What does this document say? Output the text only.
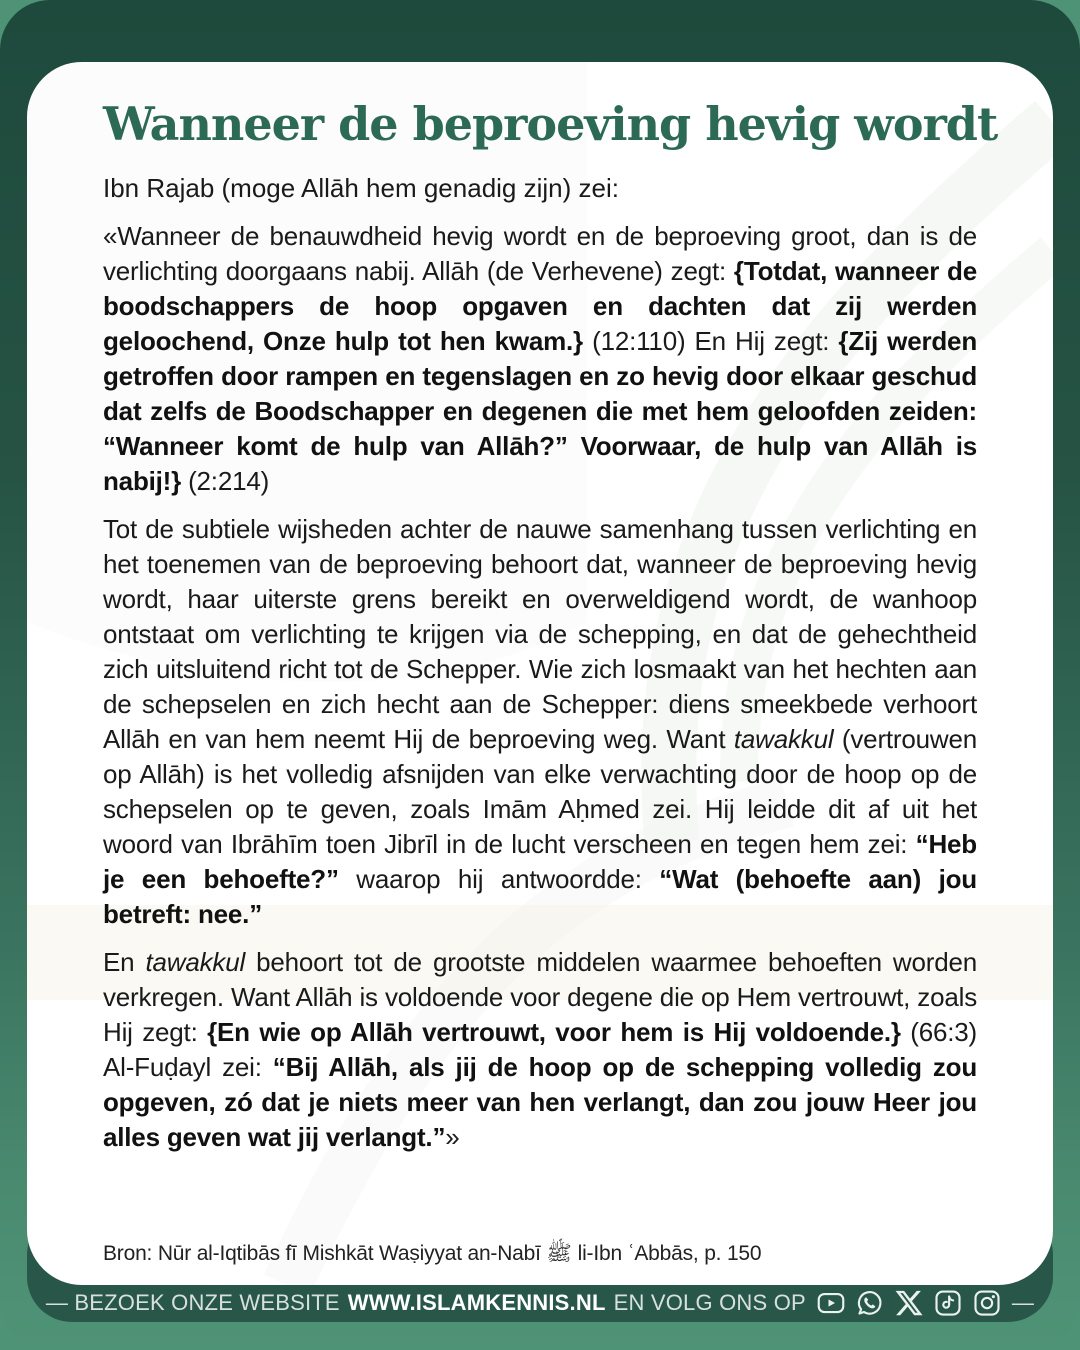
Wanneer de beproeving hevig wordt

Ibn Rajab (moge Allāh hem genadig zijn) zei:

«Wanneer de benauwdheid hevig wordt en de beproeving groot, dan is de verlichting doorgaans nabij. Allāh (de Verhevene) zegt: {Totdat, wanneer de boodschappers de hoop opgaven en dachten dat zij werden geloochend, Onze hulp tot hen kwam.} (12:110) En Hij zegt: {Zij werden getroffen door rampen en tegenslagen en zo hevig door elkaar geschud dat zelfs de Boodschapper en degenen die met hem geloofden zeiden: “Wanneer komt de hulp van Allāh?” Voorwaar, de hulp van Allāh is nabij!} (2:214)

Tot de subtiele wijsheden achter de nauwe samenhang tussen verlichting en het toenemen van de beproeving behoort dat, wanneer de beproeving hevig wordt, haar uiterste grens bereikt en overweldigend wordt, de wanhoop ontstaat om verlichting te krijgen via de schepping, en dat de gehechtheid zich uitsluitend richt tot de Schepper. Wie zich losmaakt van het hechten aan de schepselen en zich hecht aan de Schepper: diens smeekbede verhoort Allāh en van hem neemt Hij de beproeving weg. Want tawakkul (vertrouwen op Allāh) is het volledig afsnijden van elke verwachting door de hoop op de schepselen op te geven, zoals Imām Aḥmed zei. Hij leidde dit af uit het woord van Ibrāhīm toen Jibrīl in de lucht verscheen en tegen hem zei: “Heb je een behoefte?” waarop hij antwoordde: “Wat (behoefte aan) jou betreft: nee.”

En tawakkul behoort tot de grootste middelen waarmee behoeften worden verkregen. Want Allāh is voldoende voor degene die op Hem vertrouwt, zoals Hij zegt: {En wie op Allāh vertrouwt, voor hem is Hij voldoende.} (66:3) Al-Fuḍayl zei: “Bij Allāh, als jij de hoop op de schepping volledig zou opgeven, zó dat je niets meer van hen verlangt, dan zou jouw Heer jou alles geven wat jij verlangt.”»

Bron: Nūr al-Iqtibās fī Mishkāt Waṣiyyat an-Nabī ﷺ li-Ibn ʿAbbās, p. 150

— BEZOEK ONZE WEBSITE WWW.ISLAMKENNIS.NL EN VOLG ONS OP	—
